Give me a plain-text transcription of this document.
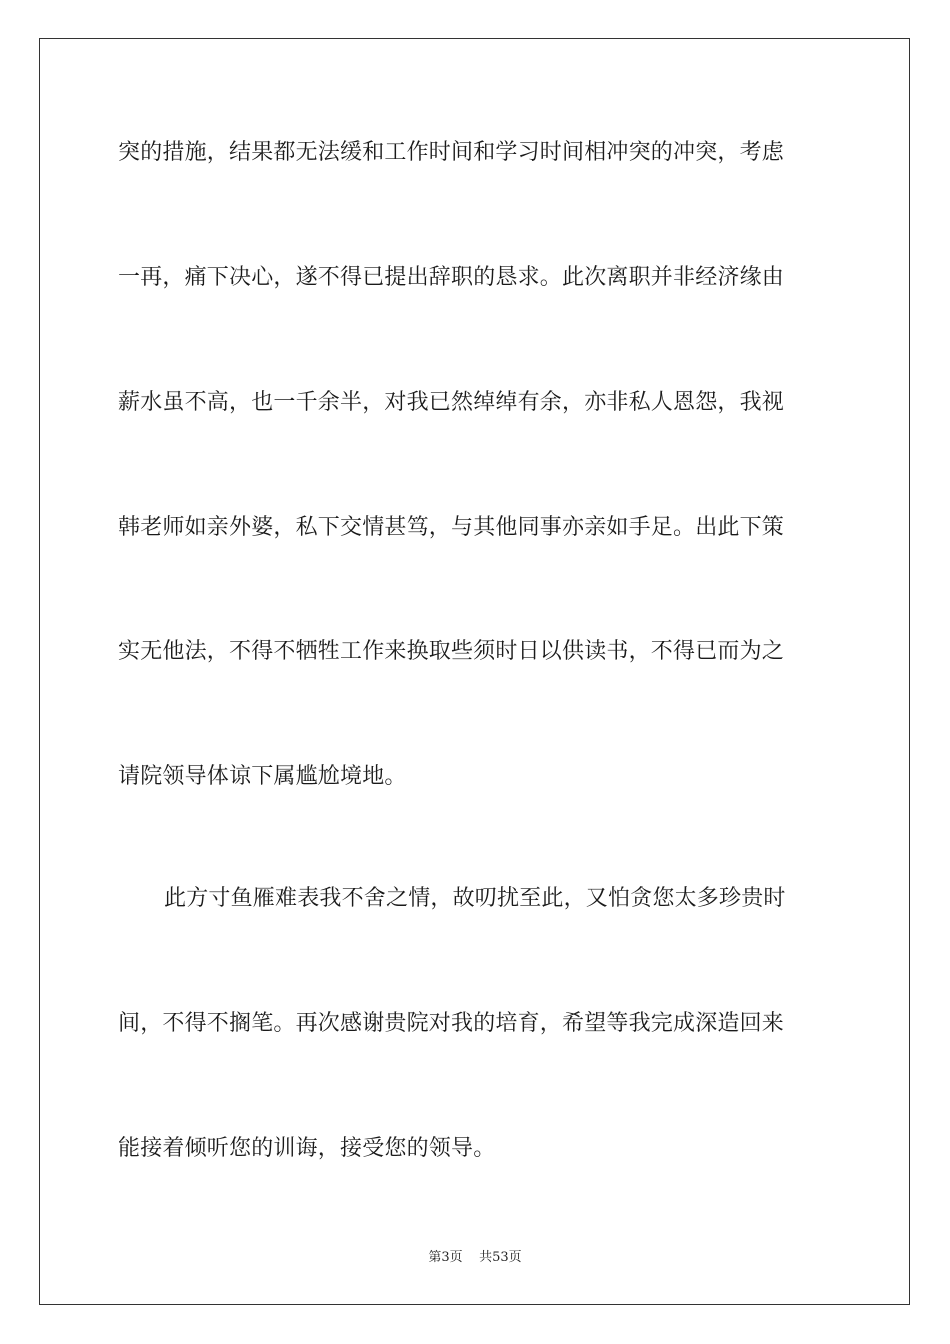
突的措施，结果都无法缓和工作时间和学习时间相冲突的冲突，考虑
一再，痛下决心，遂不得已提出辞职的恳求。此次离职并非经济缘由
薪水虽不高，也一千余半，对我已然绰绰有余，亦非私人恩怨，我视
韩老师如亲外婆，私下交情甚笃，与其他同事亦亲如手足。出此下策
实无他法，不得不牺牲工作来换取些须时日以供读书，不得已而为之
请院领导体谅下属尴尬境地。
此方寸鱼雁难表我不舍之情，故叨扰至此，又怕贪您太多珍贵时
间，不得不搁笔。再次感谢贵院对我的培育，希望等我完成深造回来
能接着倾听您的训诲，接受您的领导。
第3页 共53页
